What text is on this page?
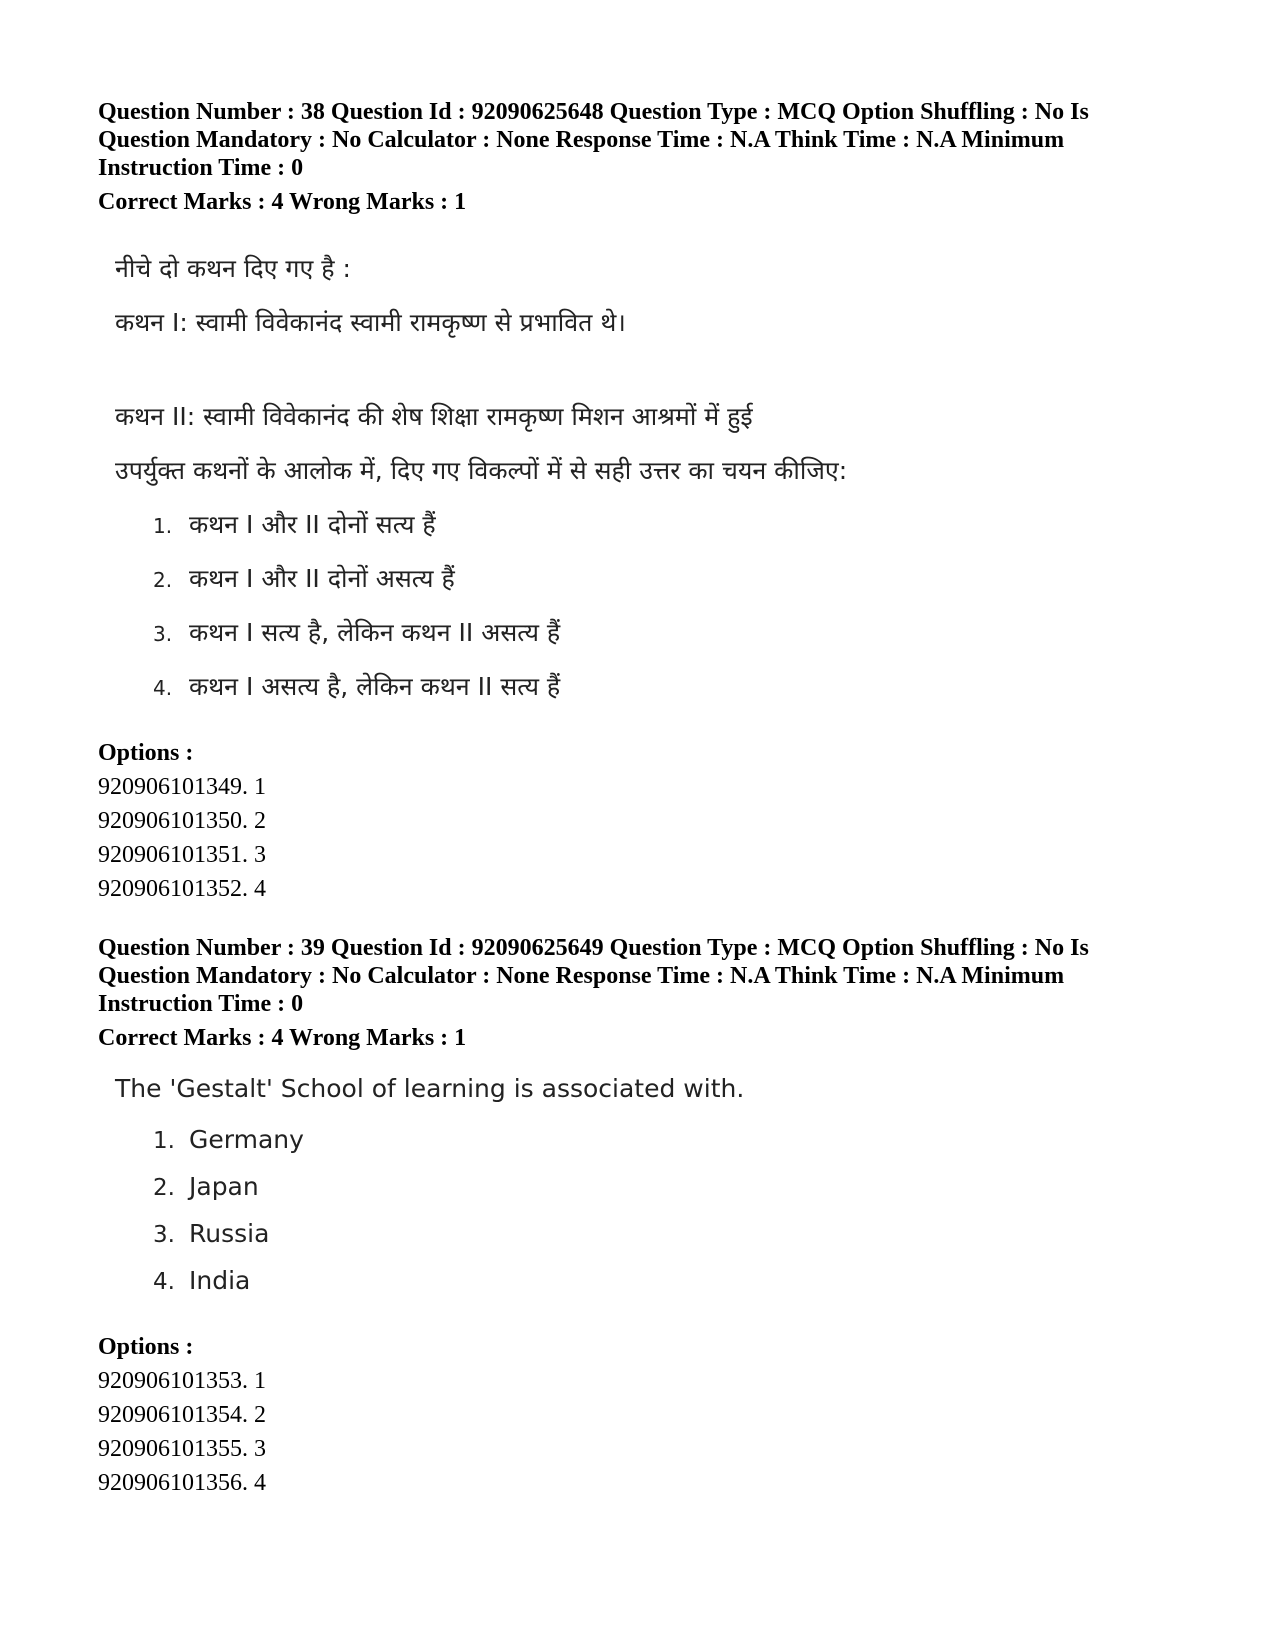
Question Number : 38 Question Id : 92090625648 Question Type : MCQ Option Shuffling : No Is

Question Mandatory : No Calculator : None Response Time : N.A Think Time : N.A Minimum

Instruction Time : 0

Correct Marks : 4 Wrong Marks : 1

नीचे दो कथन दिए गए है :

कथन I: स्वामी विवेकानंद स्वामी रामकृष्ण से प्रभावित थे।

कथन II: स्वामी विवेकानंद की शेष शिक्षा रामकृष्ण मिशन आश्रमों में हुई

उपर्युक्त कथनों के आलोक में, दिए गए विकल्पों में से सही उत्तर का चयन कीजिए:

1. कथन I और II दोनों सत्य हैं
2. कथन I और II दोनों असत्य हैं
3. कथन I सत्य है, लेकिन कथन II असत्य हैं
4. कथन I असत्य है, लेकिन कथन II सत्य हैं

Options :

920906101349. 1

920906101350. 2

920906101351. 3

920906101352. 4

Question Number : 39 Question Id : 92090625649 Question Type : MCQ Option Shuffling : No Is

Question Mandatory : No Calculator : None Response Time : N.A Think Time : N.A Minimum

Instruction Time : 0

Correct Marks : 4 Wrong Marks : 1

The 'Gestalt' School of learning is associated with.

1. Germany
2. Japan
3. Russia
4. India

Options :

920906101353. 1

920906101354. 2

920906101355. 3

920906101356. 4
